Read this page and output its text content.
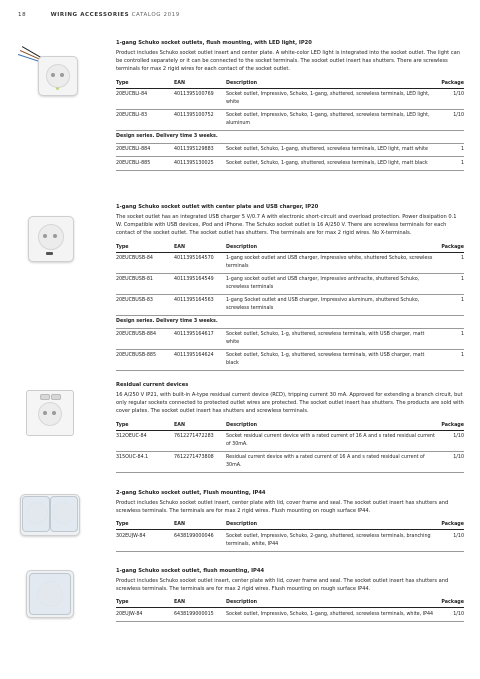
18	WIRING ACCESSORIES CATALOG 2019
1-gang Schuko socket outlets, flush mounting, with LED light, IP20
Product includes Schuko socket outlet insert and center plate. A white-color LED light is integrated into the socket outlet. The light can be controlled separately or it can be connected to the socket terminals. The socket outlet insert has shutters. There are screwless terminals for max 2 rigid wires for each contact of the socket outlet.
Type	EAN	Description	Package
20EUCBLI-84	4011395100769	Socket outlet, Impressivo, Schuko, 1-gang, shuttered, screwless terminals, LED light, white	1/10
20EUCBLI-83	4011395100752	Socket outlet, Impressivo, Schuko, 1-gang, shuttered, screwless terminals, LED light, aluminum	1/10
Design series. Delivery time 3 weeks.			
20EUCBLI-884	4011395129883	Socket outlet, Schuko, 1-gang, shuttered, screwless terminals, LED light, matt white	1
20EUCBLI-885	4011395130025	Socket outlet, Schuko, 1-gang, shuttered, screwless terminals, LED light, matt black	1
1-gang Schuko socket outlet with center plate and USB charger, IP20
The socket outlet has an integrated USB charger 5 V/0.7 A with electronic short-circuit and overload protection. Power dissipation 0.1 W. Compatible with USB devices, iPod and iPhone. The Schuko socket outlet is 16 A/250 V. There are screwless terminals for each contact of the socket outlet. The socket outlet has shutters. The terminals are for max 2 rigid wires. No X-terminals.
Type	EAN	Description	Package
20EUCBUSB-84	4011395164570	1-gang socket outlet and USB charger, Impressivo white, shuttered Schuko, screwless terminals	1
20EUCBUSB-81	4011395164549	1-gang socket outlet and USB charger, Impressivo anthracite, shuttered Schuko, screwless terminals	1
20EUCBUSB-83	4011395164563	1-gang Socket outlet and USB charger, Impressivo aluminum, shuttered Schuko, screwless terminals	1
Design series. Delivery time 3 weeks.			
20EUCBUSB-884	4011395164617	Socket outlet, Schuko, 1-g, shuttered, screwless terminals, with USB charger, matt white	1
20EUCBUSB-885	4011395164624	Socket outlet, Schuko, 1-g, shuttered, screwless terminals, with USB charger, matt black	1
Residual current devices
16 A/250 V IP21, with built-in A-type residual current device (RCD), tripping current 30 mA. Approved for extending a branch circuit, but only regular sockets connected to protected outlet wires are protected. The socket outlet insert has shutters. The products are sold with cover plates. The socket outlet insert has shutters and screwless terminals.
Type	EAN	Description	Package
312OEUC-84	7612271472283	Socket residual current device with a rated current of 16 A and s rated residual current of 30mA.	1/10
315OUC-84.1	7612271473808	Residual current device with a rated current of 16 A and s rated residual current of 30mA.	1/10
2-gang Schuko socket outlet, Flush mounting, IP44
Product includes Schuko socket outlet insert, center plate with lid, cover frame and seal. The socket outlet insert has shutters and screwless terminals. The terminals are for max 2 rigid wires. Flush mounting on rough surface IP44.
Type	EAN	Description	Package
302EUJW-84	6438199000046	Socket outlet, Impressivo, Schuko, 2-gang, shuttered, screwless terminals, branching terminals, white, IP44	1/10
1-gang Schuko socket outlet, flush mounting, IP44
Product includes Schuko socket outlet insert, center plate with lid, cover frame and seal. The socket outlet insert has shutters and screwless terminals. The terminals are for max 2 rigid wires. Flush mounting on rough surface IP44.
Type	EAN	Description	Package
20EUJW-84	6438199000015	Socket outlet, Impressivo, Schuko, 1-gang, shuttered, screwless terminals, white, IP44	1/10
